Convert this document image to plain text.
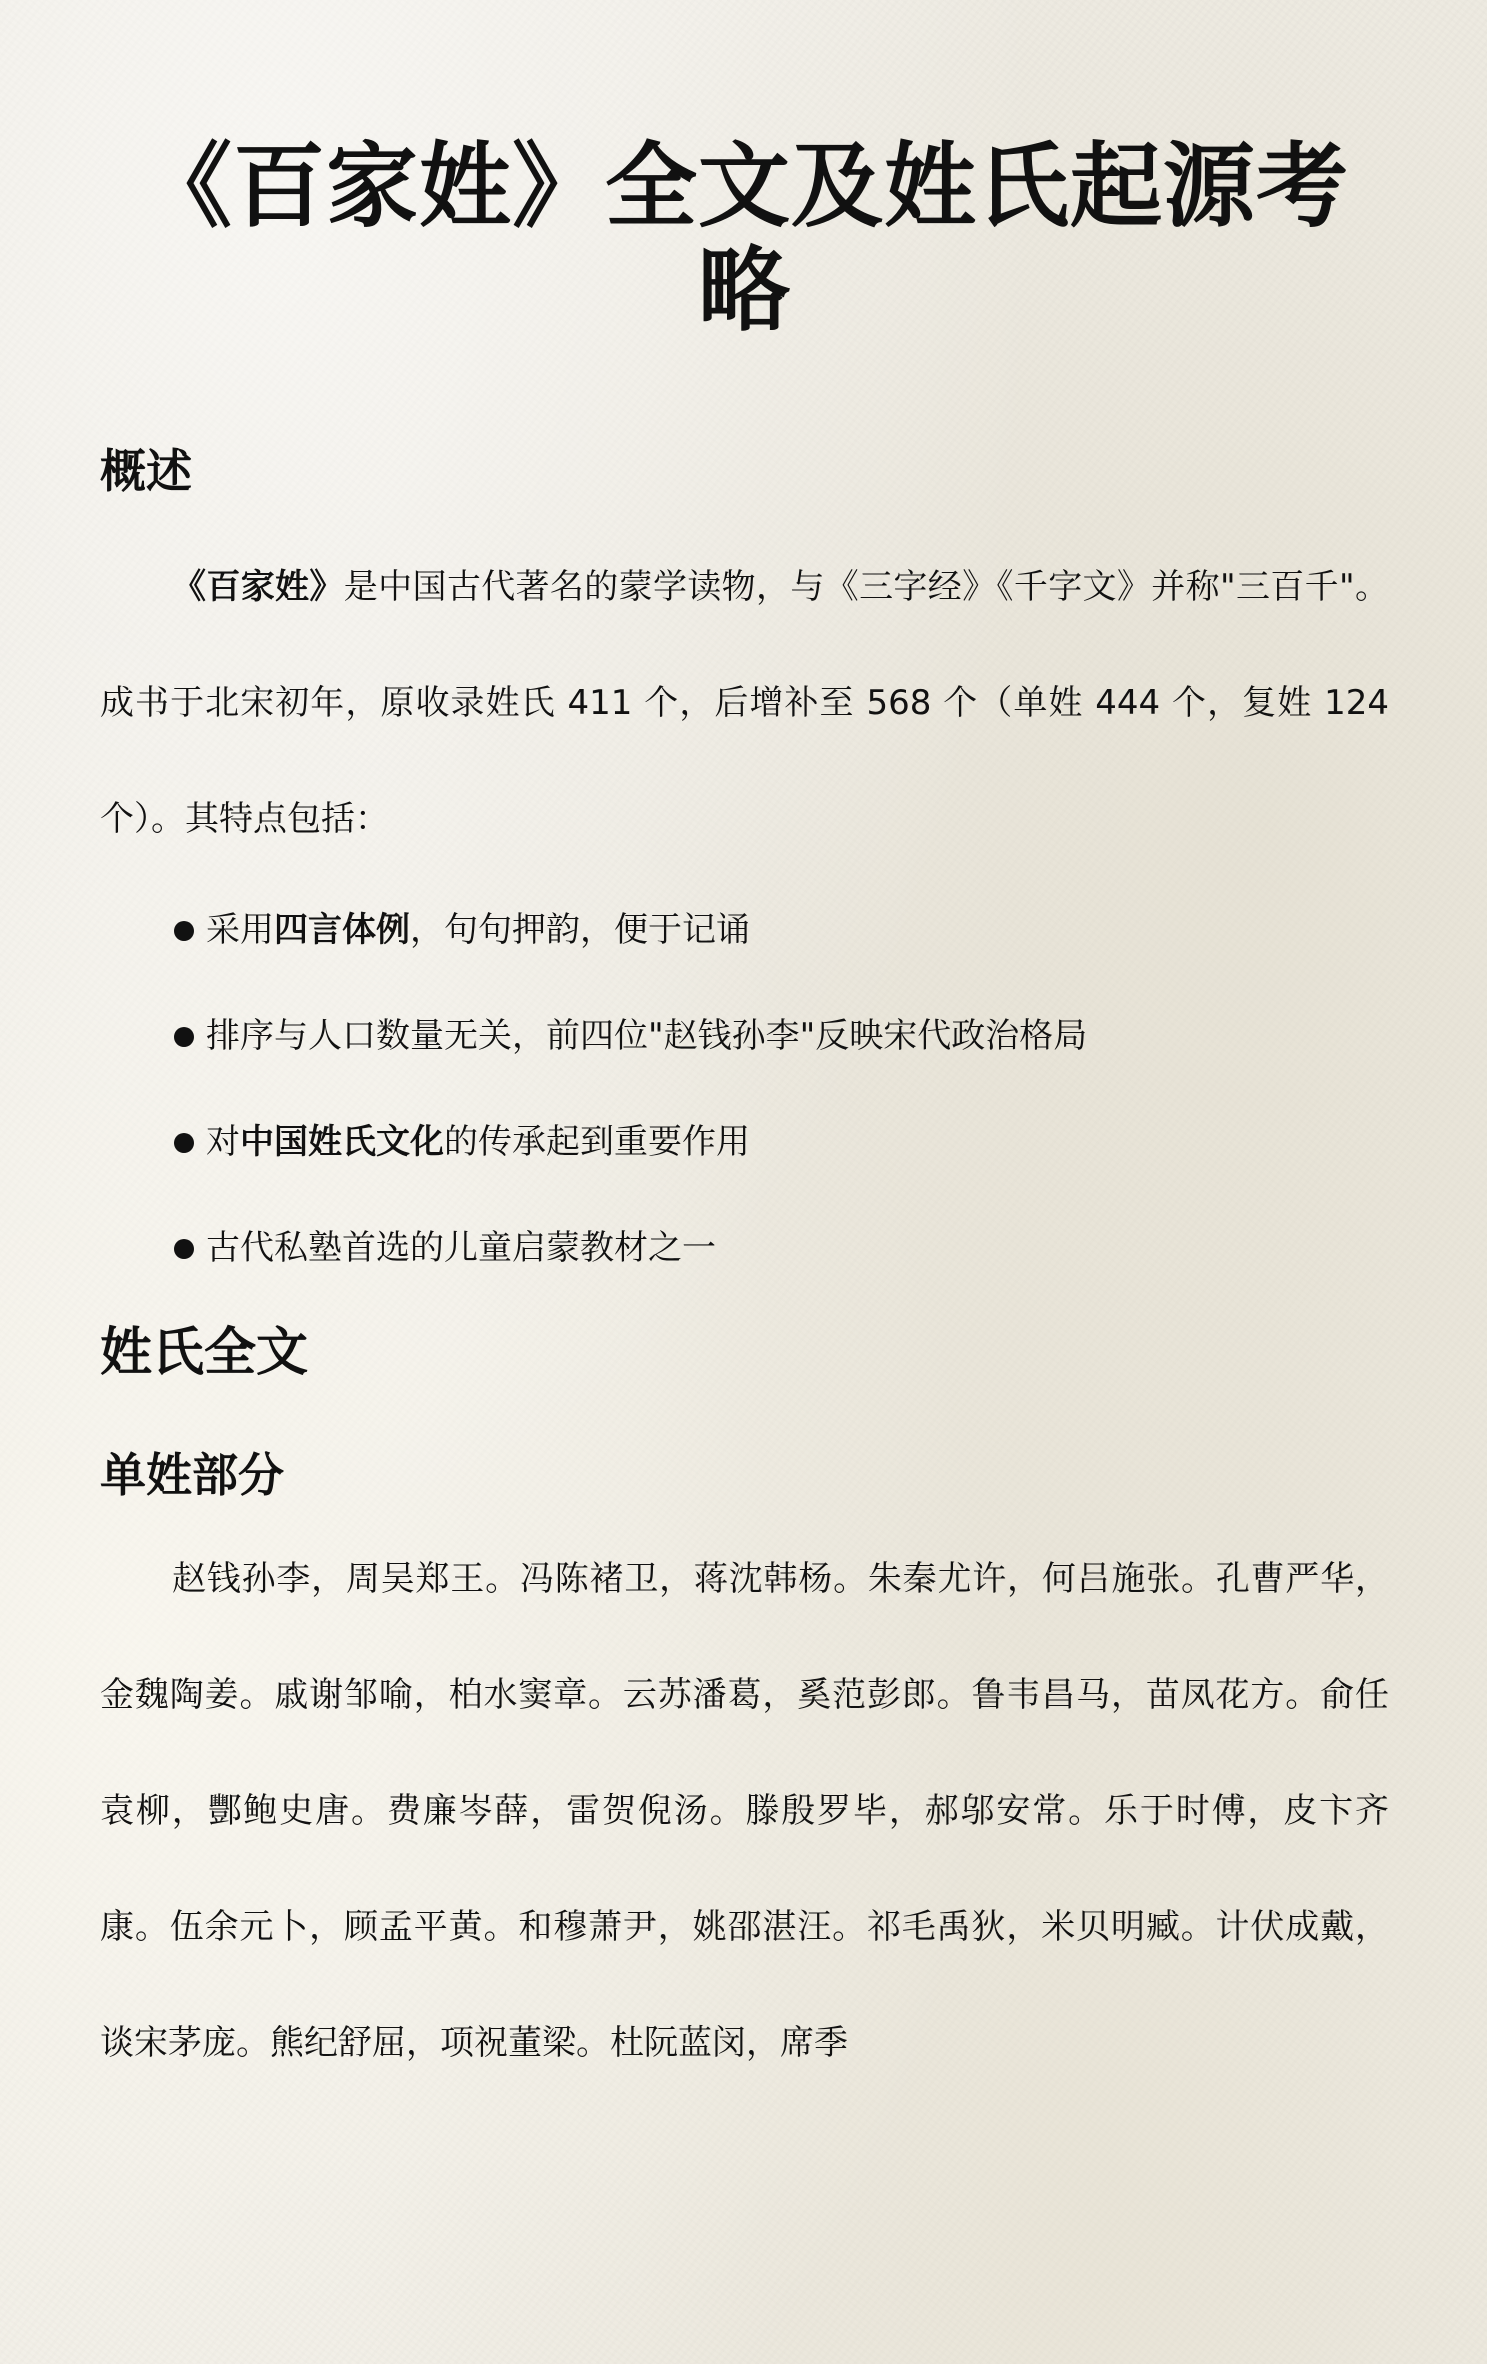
《百家姓》全文及姓氏起源考略
概述

《百家姓》是中国古代著名的蒙学读物，与《三字经》《千字文》并称"三百千"。成书于北宋初年，原收录姓氏 411 个，后增补至 568 个（单姓 444 个，复姓 124 个）。其特点包括：

采用四言体例，句句押韵，便于记诵
排序与人口数量无关，前四位"赵钱孙李"反映宋代政治格局
对中国姓氏文化的传承起到重要作用
古代私塾首选的儿童启蒙教材之一
姓氏全文
单姓部分

赵钱孙李，周吴郑王。冯陈褚卫，蒋沈韩杨。朱秦尤许，何吕施张。孔曹严华，金魏陶姜。戚谢邹喻，柏水窦章。云苏潘葛，奚范彭郎。鲁韦昌马，苗凤花方。俞任袁柳，酆鲍史唐。费廉岑薛，雷贺倪汤。滕殷罗毕，郝邬安常。乐于时傅，皮卞齐康。伍余元卜，顾孟平黄。和穆萧尹，姚邵湛汪。祁毛禹狄，米贝明臧。计伏成戴，谈宋茅庞。熊纪舒屈，项祝董梁。杜阮蓝闵，席季
